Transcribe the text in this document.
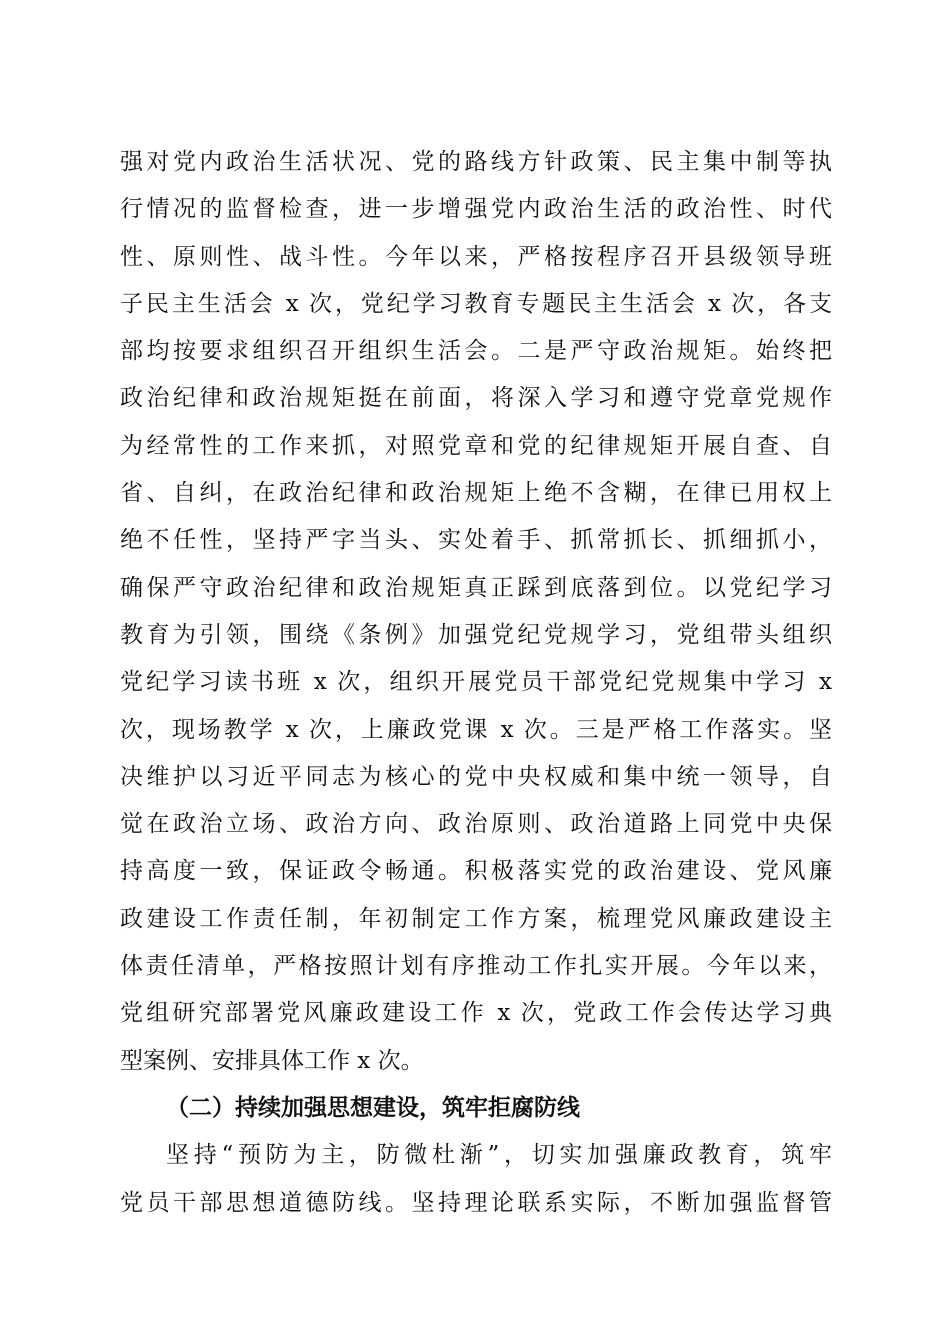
强对党内政治生活状况、党的路线方针政策、民主集中制等执
行情况的监督检查，进一步增强党内政治生活的政治性、时代
性、原则性、战斗性。今年以来，严格按程序召开县级领导班
子民主生活会 x 次，党纪学习教育专题民主生活会 x 次，各支
部均按要求组织召开组织生活会。二是严守政治规矩。始终把
政治纪律和政治规矩挺在前面，将深入学习和遵守党章党规作
为经常性的工作来抓，对照党章和党的纪律规矩开展自查、自
省、自纠，在政治纪律和政治规矩上绝不含糊，在律已用权上
绝不任性，坚持严字当头、实处着手、抓常抓长、抓细抓小，
确保严守政治纪律和政治规矩真正踩到底落到位。以党纪学习
教育为引领，围绕《条例》加强党纪党规学习，党组带头组织
党纪学习读书班 x 次，组织开展党员干部党纪党规集中学习 x
次，现场教学 x 次，上廉政党课 x 次。三是严格工作落实。坚
决维护以习近平同志为核心的党中央权威和集中统一领导，自
觉在政治立场、政治方向、政治原则、政治道路上同党中央保
持高度一致，保证政令畅通。积极落实党的政治建设、党风廉
政建设工作责任制，年初制定工作方案，梳理党风廉政建设主
体责任清单，严格按照计划有序推动工作扎实开展。今年以来，
党组研究部署党风廉政建设工作 x 次，党政工作会传达学习典
型案例、安排具体工作 x 次。
（二）持续加强思想建设，筑牢拒腐防线
坚持“预防为主，防微杜渐”，切实加强廉政教育，筑牢
党员干部思想道德防线。坚持理论联系实际，不断加强监督管
